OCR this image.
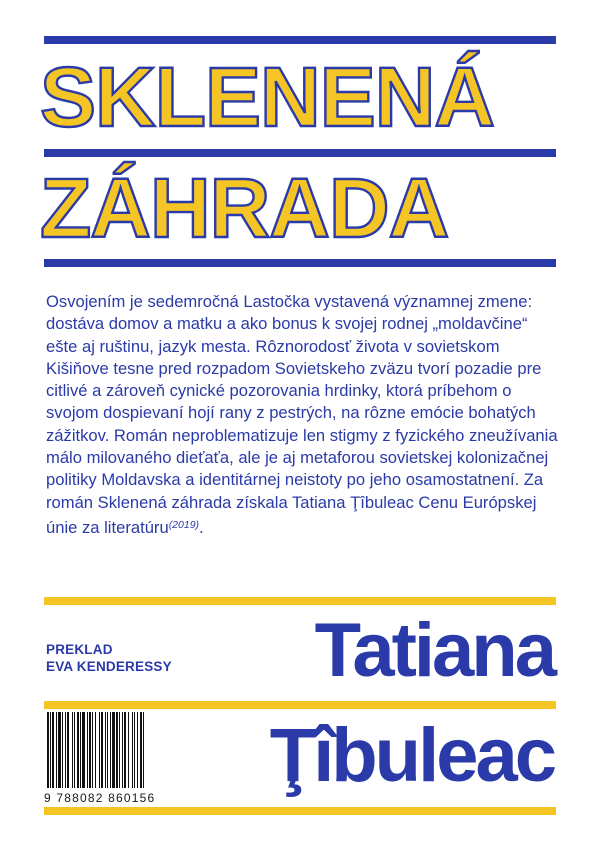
SKLENENÁ
ZÁHRADA

Osvojením je sedemročná Lastočka vystavená významnej zmene: dostáva domov a matku a ako bonus k svojej rodnej „moldavčine“ ešte aj ruštinu, jazyk mesta. Rôznorodosť života v sovietskom Kišiňove tesne pred rozpadom Sovietskeho zväzu tvorí pozadie pre citlivé a zároveň cynické pozorovania hrdinky, ktorá príbehom o svojom dospievaní hojí rany z pestrých, na rôzne emócie bohatých zážitkov. Román neproblematizuje len stigmy z fyzického zneužívania málo milovaného dieťaťa, ale je aj metaforou sovietskej kolonizačnej politiky Moldavska a identitárnej neistoty po jeho osamostatnení. Za román Sklenená záhrada získala Tatiana Ţîbuleac Cenu Európskej únie za literatúru$^{(2019)}$.

PREKLAD
EVA KENDERESSY Tatiana
Ţîbuleac
9 788082 860156
